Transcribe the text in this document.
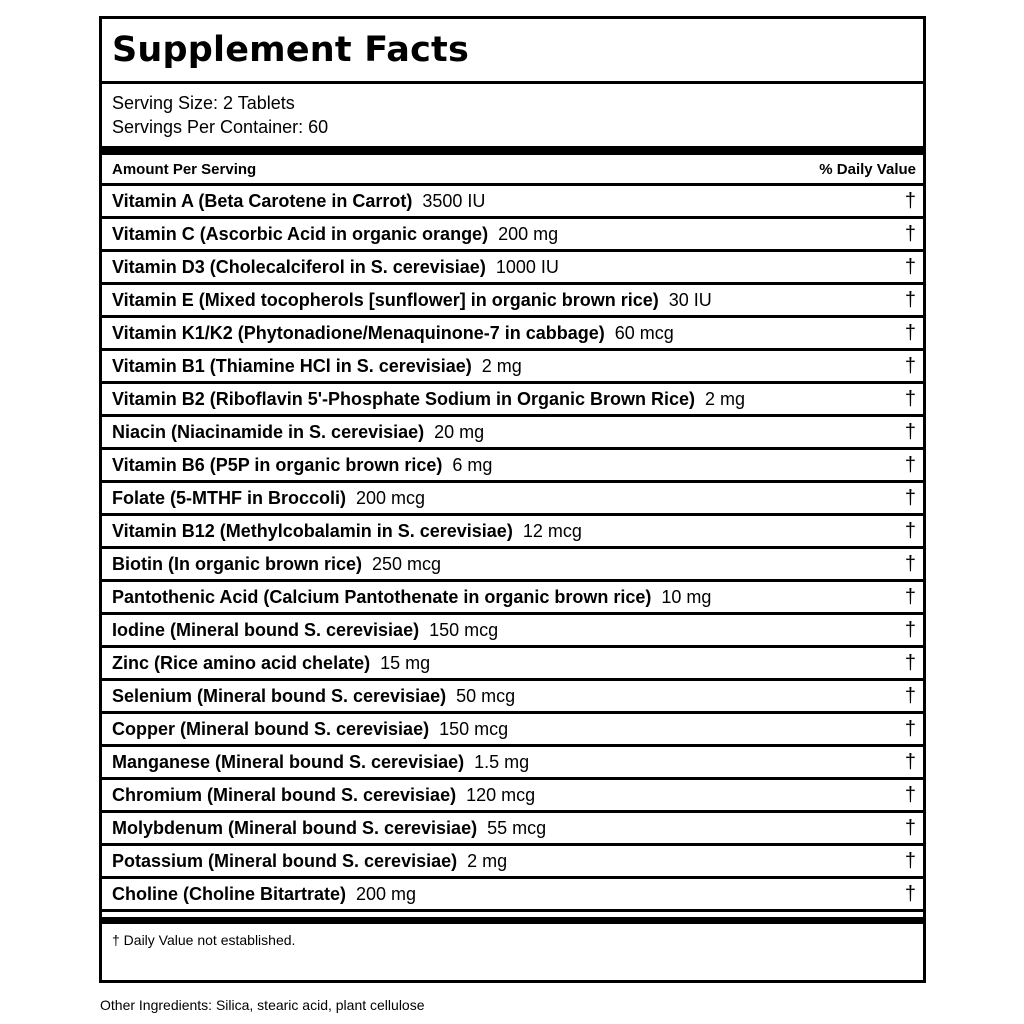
Supplement Facts
Serving Size: 2 Tablets
Servings Per Container: 60
Amount Per Serving	% Daily Value
Vitamin A (Beta Carotene in Carrot) 3500 IU	†
Vitamin C (Ascorbic Acid in organic orange) 200 mg	†
Vitamin D3 (Cholecalciferol in S. cerevisiae) 1000 IU	†
Vitamin E (Mixed tocopherols [sunflower] in organic brown rice) 30 IU	†
Vitamin K1/K2 (Phytonadione/Menaquinone-7 in cabbage) 60 mcg	†
Vitamin B1 (Thiamine HCl in S. cerevisiae) 2 mg	†
Vitamin B2 (Riboflavin 5'-Phosphate Sodium in Organic Brown Rice) 2 mg	†
Niacin (Niacinamide in S. cerevisiae) 20 mg	†
Vitamin B6 (P5P in organic brown rice) 6 mg	†
Folate (5-MTHF in Broccoli) 200 mcg	†
Vitamin B12 (Methylcobalamin in S. cerevisiae) 12 mcg	†
Biotin (In organic brown rice) 250 mcg	†
Pantothenic Acid (Calcium Pantothenate in organic brown rice) 10 mg	†
Iodine (Mineral bound S. cerevisiae) 150 mcg	†
Zinc (Rice amino acid chelate) 15 mg	†
Selenium (Mineral bound S. cerevisiae) 50 mcg	†
Copper (Mineral bound S. cerevisiae) 150 mcg	†
Manganese (Mineral bound S. cerevisiae) 1.5 mg	†
Chromium (Mineral bound S. cerevisiae) 120 mcg	†
Molybdenum (Mineral bound S. cerevisiae) 55 mcg	†
Potassium (Mineral bound S. cerevisiae) 2 mg	†
Choline (Choline Bitartrate) 200 mg	†
† Daily Value not established.
Other Ingredients: Silica, stearic acid, plant cellulose
